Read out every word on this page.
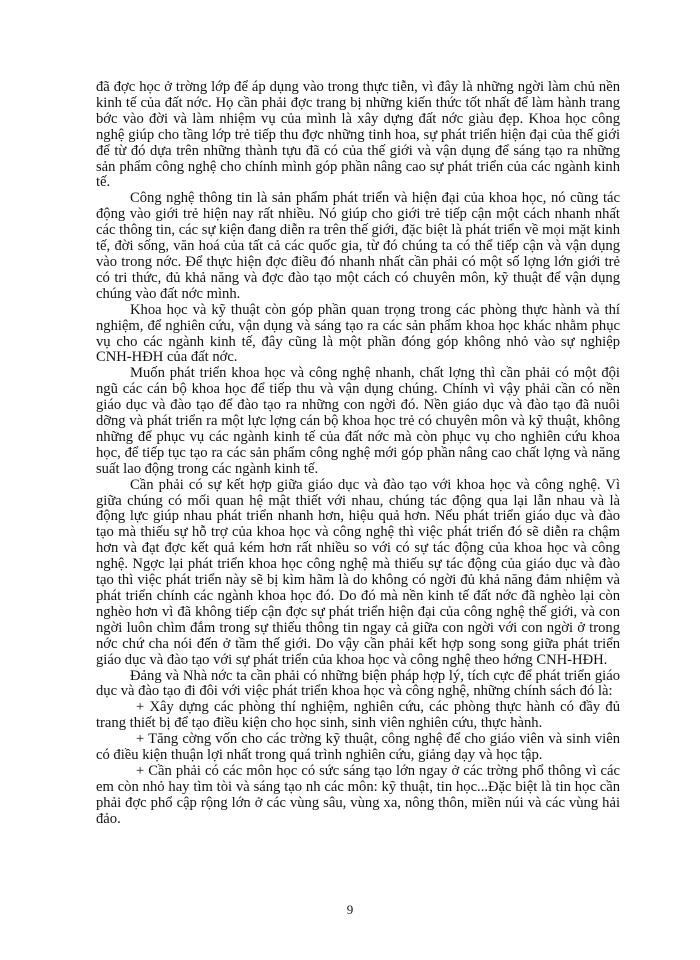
đã đợc học ở trờng lớp để áp dụng vào trong thực tiễn, vì đây là những ngời làm chủ nền kinh tế của đất nớc. Họ cần phải đợc trang bị những kiến thức tốt nhất để làm hành trang bớc vào đời và làm nhiệm vụ của mình là xây dựng đất nớc giàu đẹp. Khoa học công nghệ giúp cho tầng lớp trẻ tiếp thu đợc những tinh hoa, sự phát triển hiện đại của thế giới để từ đó dựa trên những thành tựu đã có của thế giới và vận dụng để sáng tạo ra những sản phẩm công nghệ cho chính mình góp phần nâng cao sự phát triển của các ngành kinh tế.

Công nghệ thông tin là sản phẩm phát triển và hiện đại của khoa học, nó cũng tác động vào giới trẻ hiện nay rất nhiều. Nó giúp cho giới trẻ tiếp cận một cách nhanh nhất các thông tin, các sự kiện đang diễn ra trên thế giới, đặc biệt là phát triển về mọi mặt kinh tế, đời sống, văn hoá của tất cả các quốc gia, từ đó chúng ta có thể tiếp cận và vận dụng vào trong nớc. Để thực hiện đợc điều đó nhanh nhất cần phải có một số lợng lớn giới trẻ có tri thức, đủ khả năng và đợc đào tạo một cách có chuyên môn, kỹ thuật để vận dụng chúng vào đất nớc mình.

Khoa học và kỹ thuật còn góp phần quan trọng trong các phòng thực hành và thí nghiệm, để nghiên cứu, vận dụng và sáng tạo ra các sản phẩm khoa học khác nhằm phục vụ cho các ngành kinh tế, đây cũng là một phần đóng góp không nhỏ vào sự nghiệp CNH-HĐH của đất nớc.

Muốn phát triển khoa học và công nghệ nhanh, chất lợng thì cần phải có một đội ngũ các cán bộ khoa học để tiếp thu và vận dụng chúng. Chính vì vậy phải cần có nền giáo dục và đào tạo để đào tạo ra những con ngời đó. Nền giáo dục và đào tạo đã nuôi dỡng và phát triển ra một lực lợng cán bộ khoa học trẻ có chuyên môn và kỹ thuật, không những để phục vụ các ngành kinh tế của đất nớc mà còn phục vụ cho nghiên cứu khoa học, để tiếp tục tạo ra các sản phẩm công nghệ mới góp phần nâng cao chất lợng và năng suất lao động trong các ngành kinh tế.

Cần phải có sự kết hợp giữa giáo dục và đào tạo với khoa học và công nghệ. Vì giữa chúng có mối quan hệ mật thiết với nhau, chúng tác động qua lại lẫn nhau và là động lực giúp nhau phát triển nhanh hơn, hiệu quả hơn. Nếu phát triển giáo dục và đào tạo mà thiếu sự hỗ trợ của khoa học và công nghệ thì việc phát triển đó sẽ diễn ra chậm hơn và đạt đợc kết quả kém hơn rất nhiều so với có sự tác động của khoa học và công nghệ. Ngợc lại phát triển khoa học công nghệ mà thiếu sự tác động của giáo dục và đào tạo thì việc phát triển này sẽ bị kìm hãm là do không có ngời đủ khả năng đảm nhiệm và phát triển chính các ngành khoa học đó. Do đó mà nền kinh tế đất nớc đã nghèo lại còn nghèo hơn vì đã không tiếp cận đợc sự phát triển hiện đại của công nghệ thế giới, và con ngời luôn chìm đắm trong sự thiếu thông tin ngay cả giữa con ngời với con ngời ở trong nớc chứ cha nói đến ở tầm thế giới. Do vậy cần phải kết hợp song song giữa phát triển giáo dục và đào tạo với sự phát triển của khoa học và công nghệ theo hớng CNH-HĐH.

Đảng và Nhà nớc ta cần phải có những biện pháp hợp lý, tích cực để phát triển giáo dục và đào tạo đi đôi với việc phát triển khoa học và công nghệ, những chính sách đó là:

+ Xây dựng các phòng thí nghiệm, nghiên cứu, các phòng thực hành có đầy đủ trang thiết bị để tạo điều kiện cho học sinh, sinh viên nghiên cứu, thực hành.

+ Tăng cờng vốn cho các trờng kỹ thuật, công nghệ để cho giáo viên và sinh viên có điều kiện thuận lợi nhất trong quá trình nghiên cứu, giảng dạy và học tập.

+ Cần phải có các môn học có sức sáng tạo lớn ngay ở các trờng phổ thông vì các em còn nhỏ hay tìm tòi và sáng tạo nh các môn: kỹ thuật, tin học...Đặc biệt là tin học cần phải đợc phổ cập rộng lớn ở các vùng sâu, vùng xa, nông thôn, miền núi và các vùng hải đảo.

9
